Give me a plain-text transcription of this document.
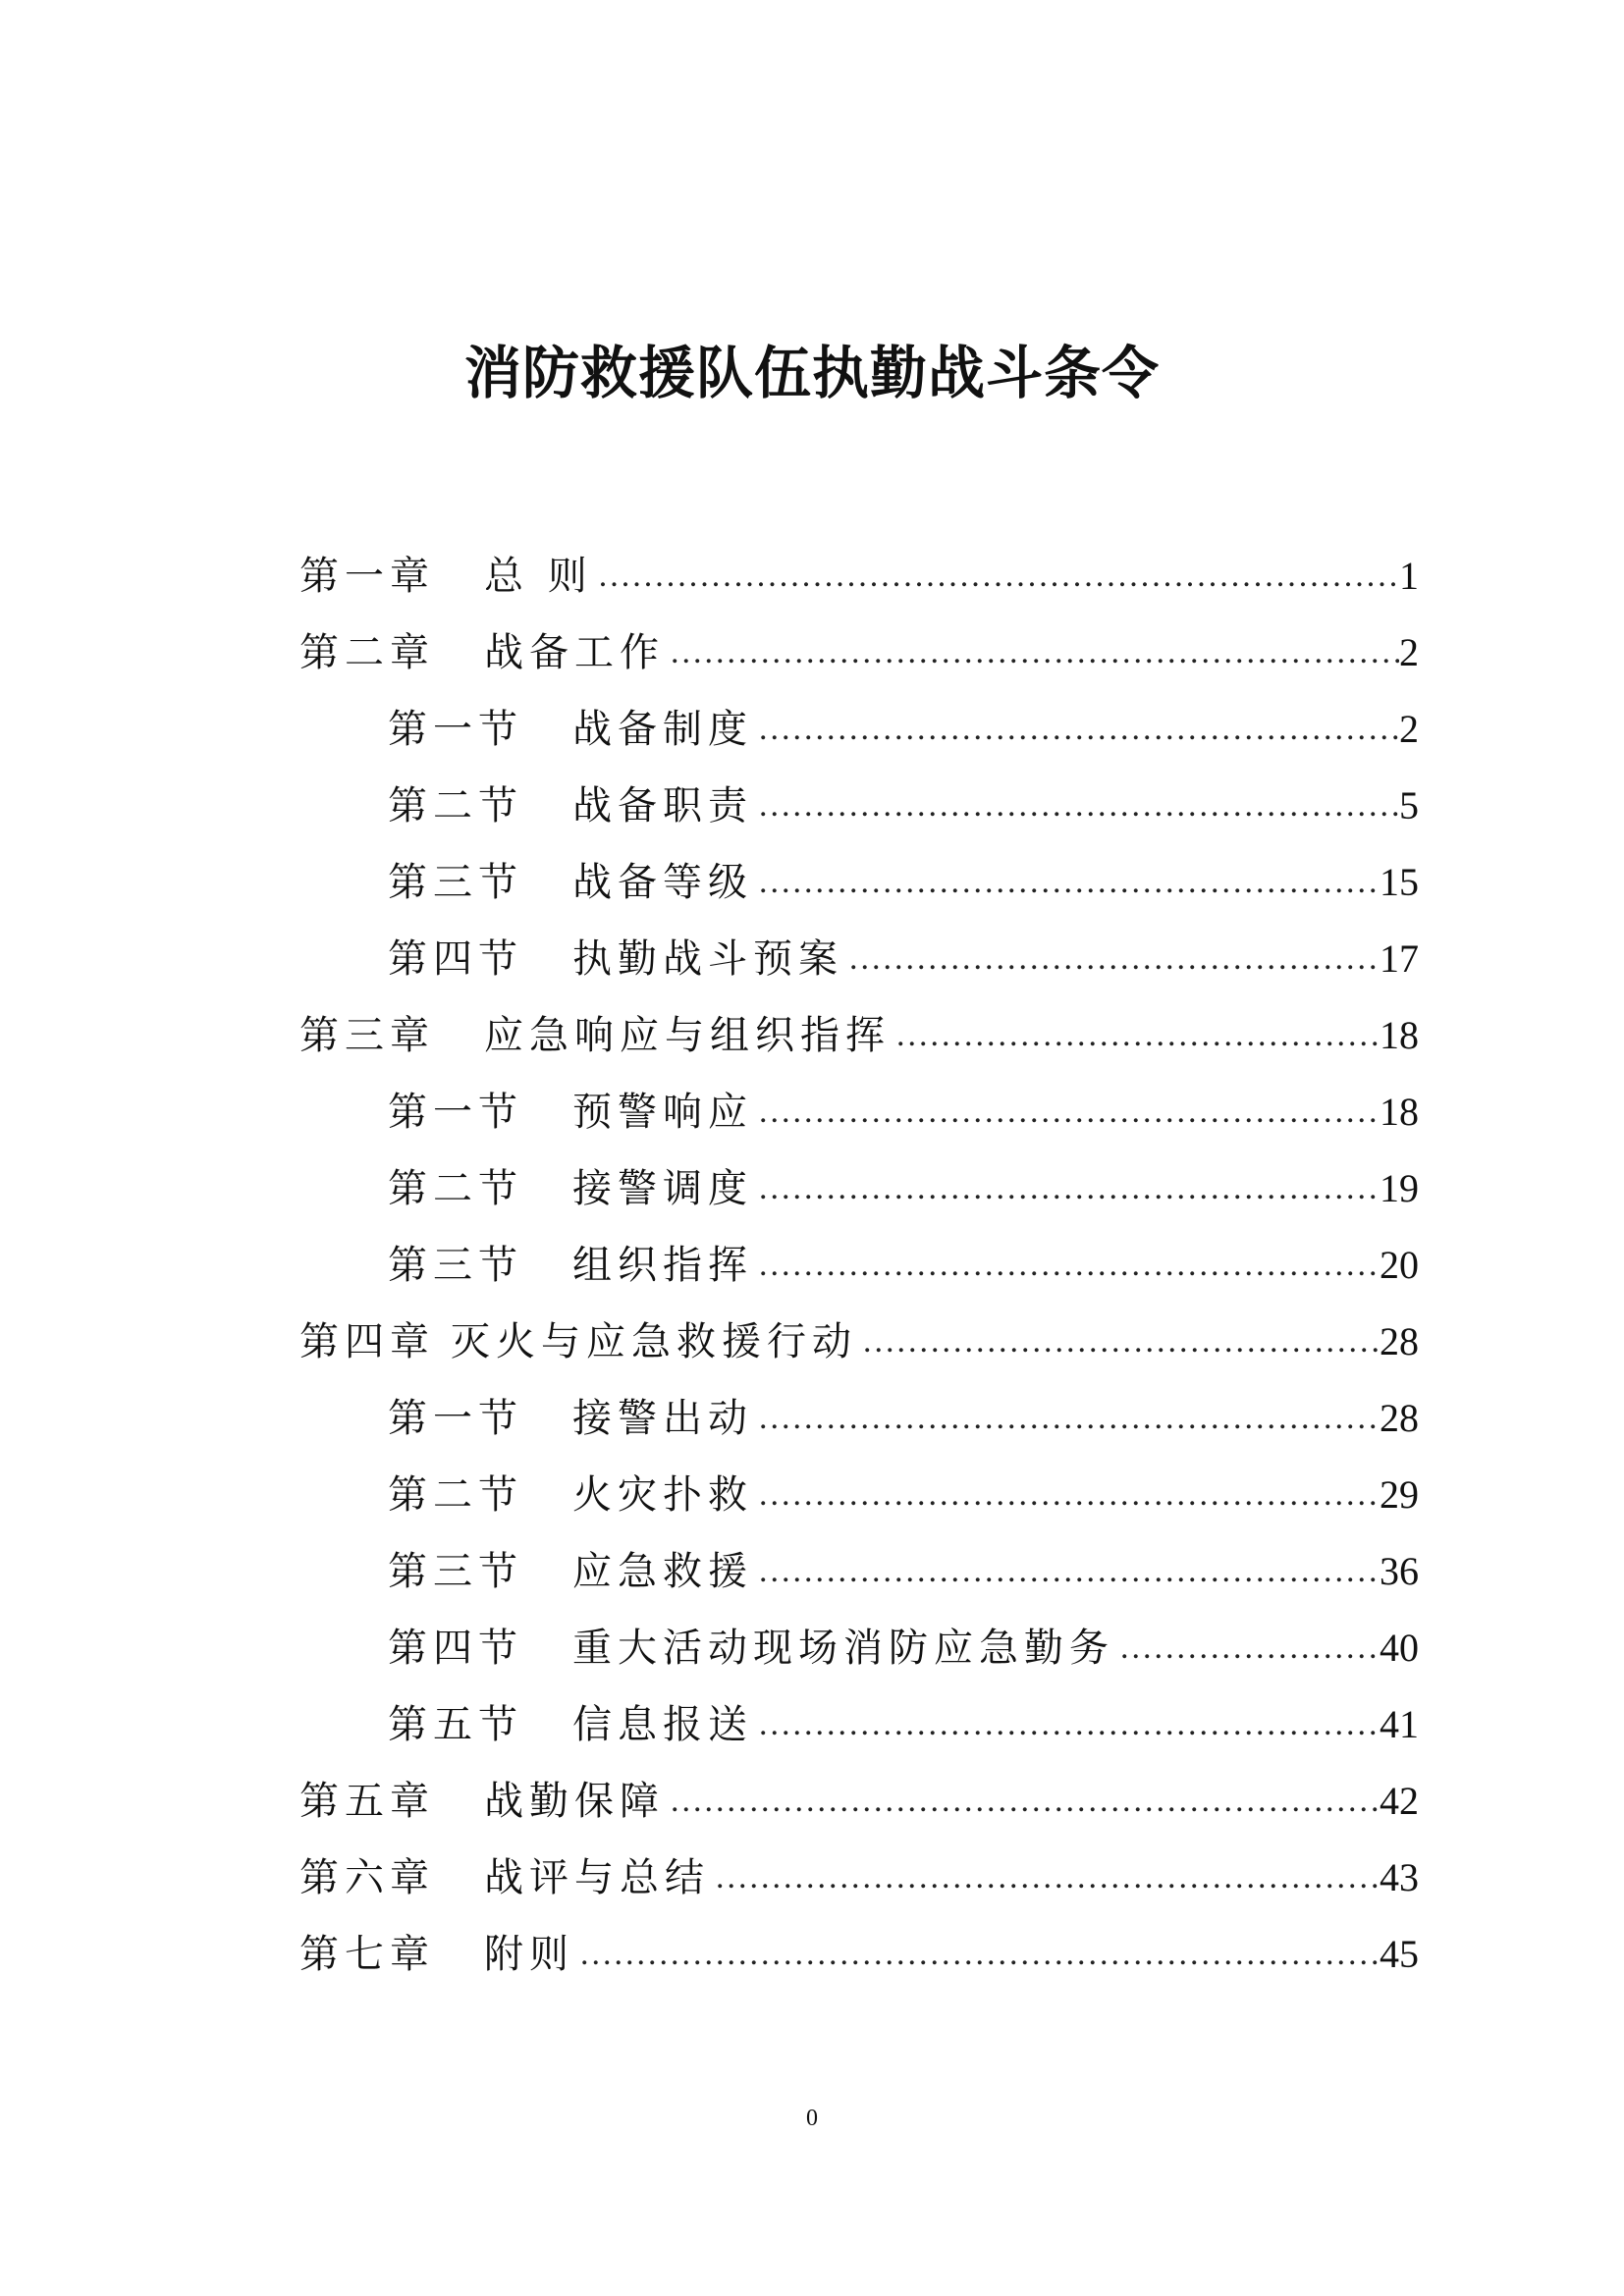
消防救援队伍执勤战斗条令
第一章 总 则 .....	1
第二章 战备工作 .....	2
第一节 战备制度 .....	2
第二节 战备职责 .....	5
第三节 战备等级 .....	15
第四节 执勤战斗预案 .....	17
第三章 应急响应与组织指挥 .....	18
第一节 预警响应 .....	18
第二节 接警调度 .....	19
第三节 组织指挥 .....	20
第四章 灭火与应急救援行动 .....	28
第一节 接警出动 .....	28
第二节 火灾扑救 .....	29
第三节 应急救援 .....	36
第四节 重大活动现场消防应急勤务 .....	40
第五节 信息报送 .....	41
第五章 战勤保障 .....	42
第六章 战评与总结 .....	43
第七章 附则 .....	45
0
